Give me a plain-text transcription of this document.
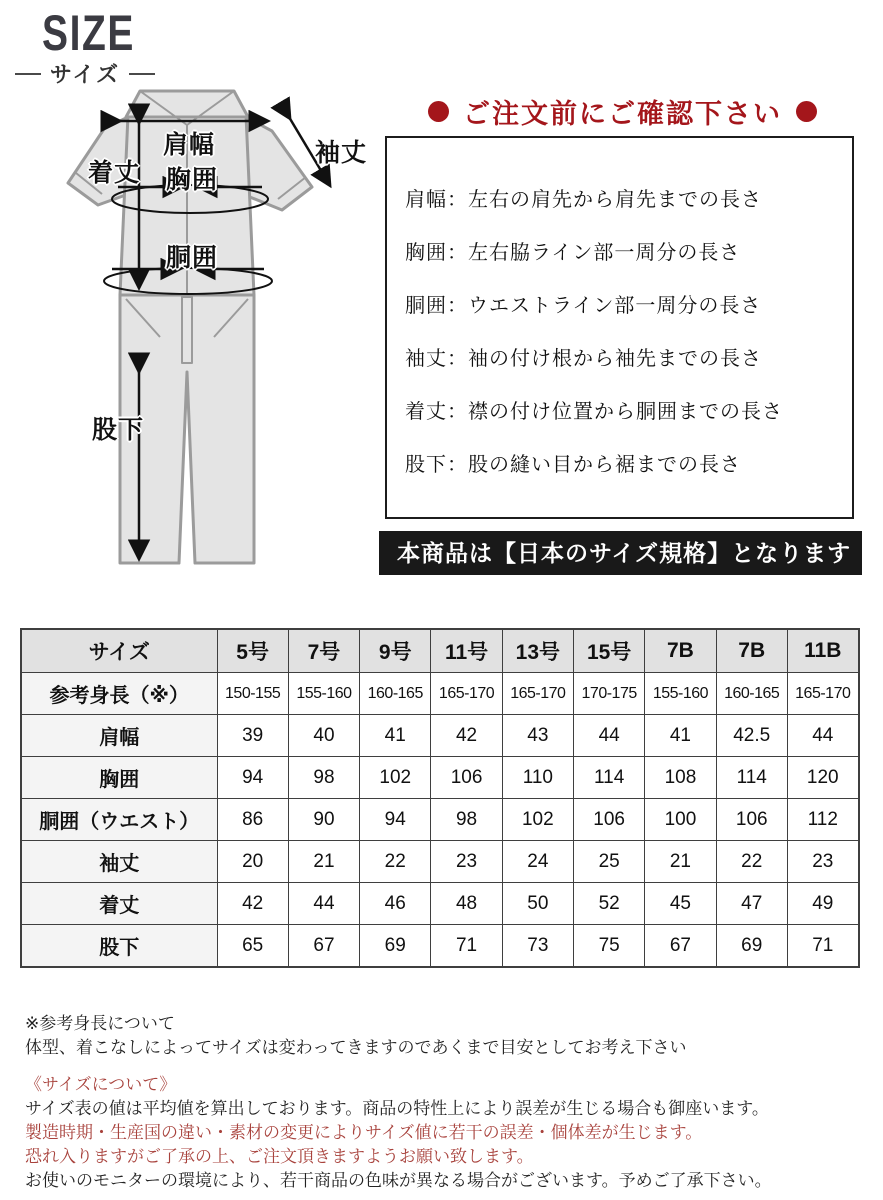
SIZE
サイズ
肩幅
胸囲
着丈
袖丈
胴囲
股下
ご注文前にご確認下さい
肩幅：左右の肩先から肩先までの長さ
胸囲：左右脇ライン部一周分の長さ
胴囲：ウエストライン部一周分の長さ
袖丈：袖の付け根から袖先までの長さ
着丈：襟の付け位置から胴囲までの長さ
股下：股の縫い目から裾までの長さ
本商品は【日本のサイズ規格】となります
サイズ	5号	7号	9号	11号	13号	15号	7B	7B	11B
参考身長（※）	150-155	155-160	160-165	165-170	165-170	170-175	155-160	160-165	165-170
肩幅	39	40	41	42	43	44	41	42.5	44
胸囲	94	98	102	106	110	114	108	114	120
胴囲（ウエスト）	86	90	94	98	102	106	100	106	112
袖丈	20	21	22	23	24	25	21	22	23
着丈	42	44	46	48	50	52	45	47	49
股下	65	67	69	71	73	75	67	69	71
※参考身長について
体型、着こなしによってサイズは変わってきますのであくまで目安としてお考え下さい
《サイズについて》
サイズ表の値は平均値を算出しております。商品の特性上により誤差が生じる場合も御座います。
製造時期・生産国の違い・素材の変更によりサイズ値に若干の誤差・個体差が生じます。
恐れ入りますがご了承の上、ご注文頂きますようお願い致します。
お使いのモニターの環境により、若干商品の色味が異なる場合がございます。予めご了承下さい。
